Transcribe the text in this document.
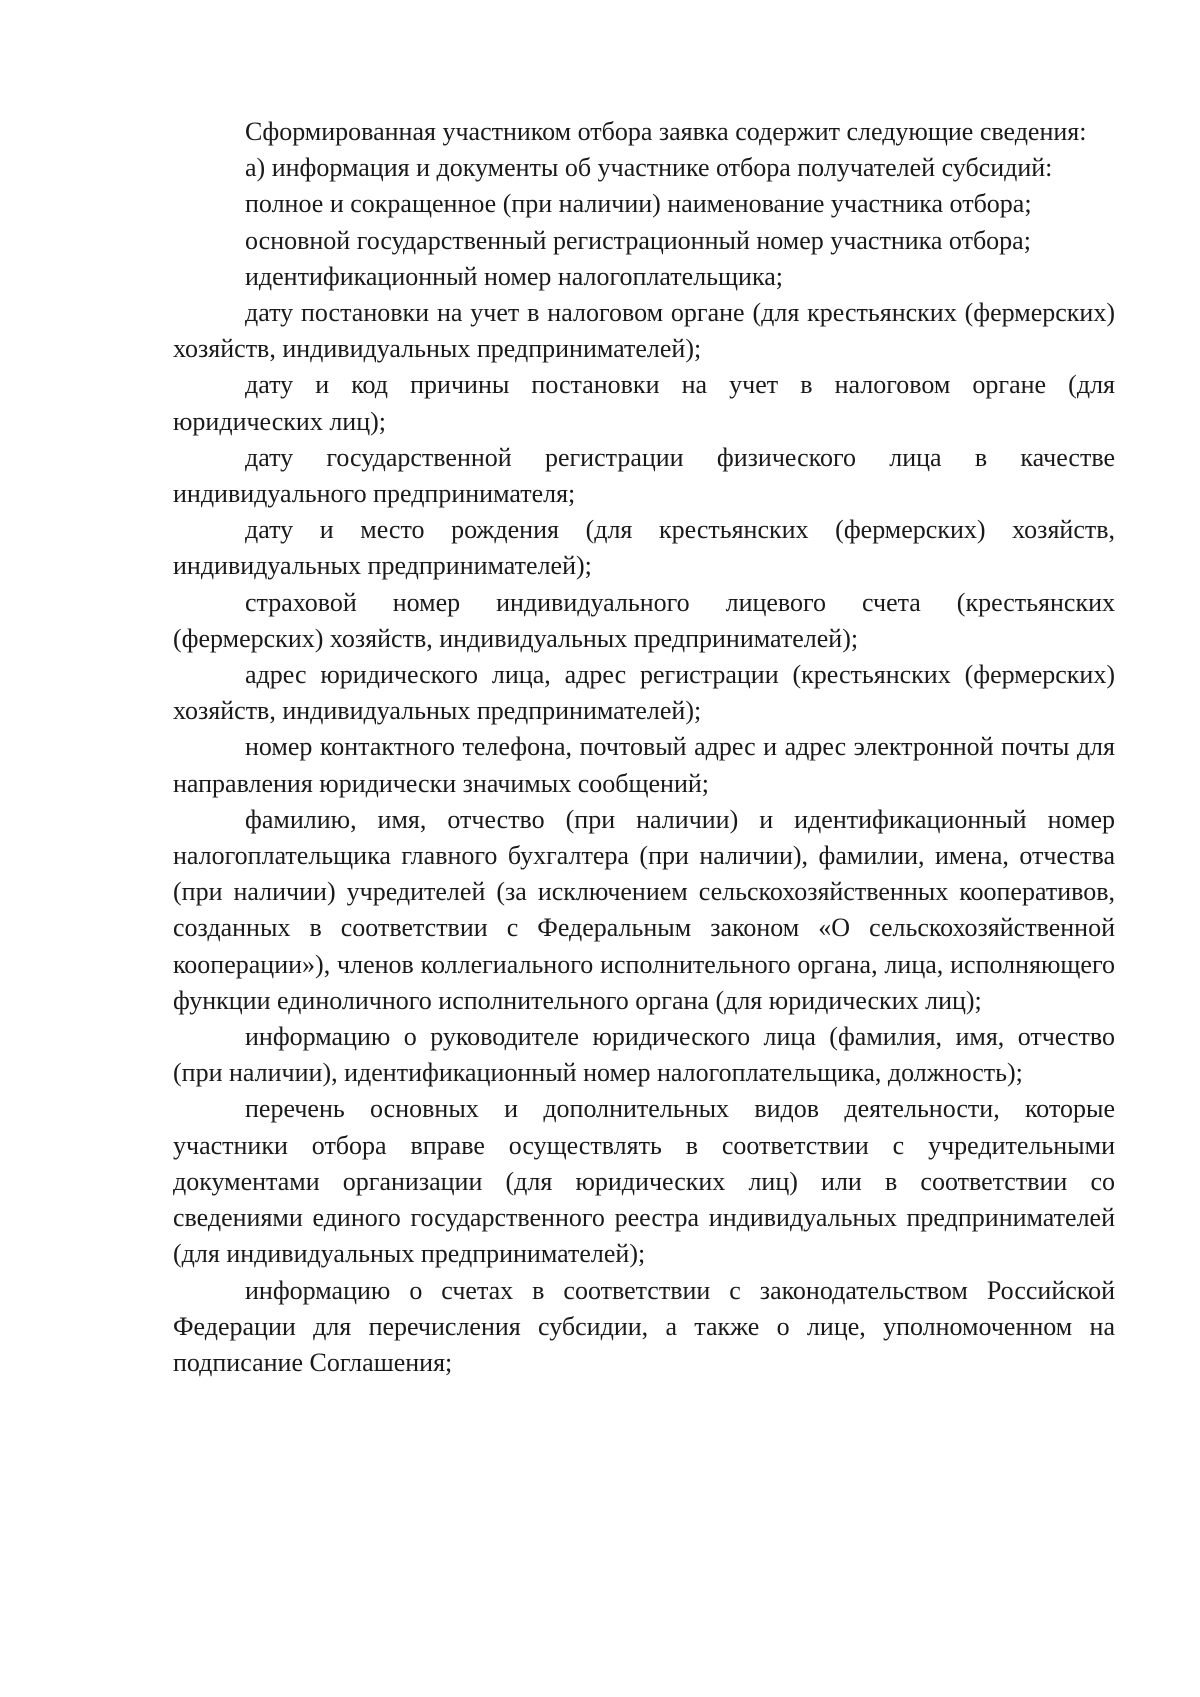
Сформированная участником отбора заявка содержит следующие сведения:

а) информация и документы об участнике отбора получателей субсидий:

полное и сокращенное (при наличии) наименование участника отбора;

основной государственный регистрационный номер участника отбора;

идентификационный номер налогоплательщика;

дату постановки на учет в налоговом органе (для крестьянских (фермерских) хозяйств, индивидуальных предпринимателей);

дату и код причины постановки на учет в налоговом органе (для юридических лиц);

дату государственной регистрации физического лица в качестве индивидуального предпринимателя;

дату и место рождения (для крестьянских (фермерских) хозяйств, индивидуальных предпринимателей);

страховой номер индивидуального лицевого счета (крестьянских (фермерских) хозяйств, индивидуальных предпринимателей);

адрес юридического лица, адрес регистрации (крестьянских (фермерских) хозяйств, индивидуальных предпринимателей);

номер контактного телефона, почтовый адрес и адрес электронной почты для направления юридически значимых сообщений;

фамилию, имя, отчество (при наличии) и идентификационный номер налогоплательщика главного бухгалтера (при наличии), фамилии, имена, отчества (при наличии) учредителей (за исключением сельскохозяйственных кооперативов, созданных в соответствии с Федеральным законом «О сельскохозяйственной кооперации»), членов коллегиального исполнительного органа, лица, исполняющего функции единоличного исполнительного органа (для юридических лиц);

информацию о руководителе юридического лица (фамилия, имя, отчество (при наличии), идентификационный номер налогоплательщика, должность);

перечень основных и дополнительных видов деятельности, которые участники отбора вправе осуществлять в соответствии с учредительными документами организации (для юридических лиц) или в соответствии со сведениями единого государственного реестра индивидуальных предпринимателей (для индивидуальных предпринимателей);

информацию о счетах в соответствии с законодательством Российской Федерации для перечисления субсидии, а также о лице, уполномоченном на подписание Соглашения;
